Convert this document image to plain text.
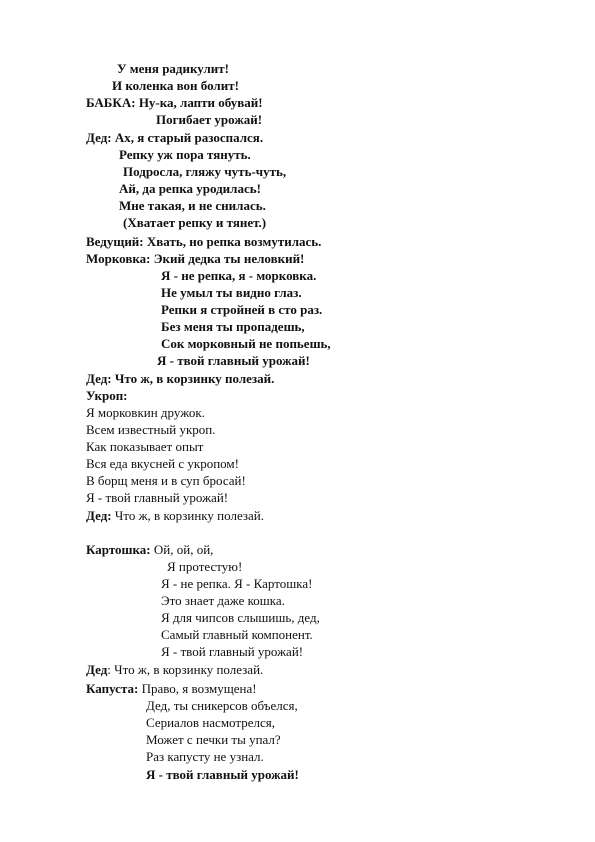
У меня радикулит!
И коленка вон болит!
БАБКА: Ну-ка, лапти обувай!
Погибает урожай!
Дед: Ах, я старый разоспался.
Репку уж пора тянуть.
Подросла, гляжу чуть-чуть,
Ай, да репка уродилась!
Мне такая, и не снилась.
(Хватает репку и тянет.)
Ведущий: Хвать, но репка возмутилась.
Морковка: Экий дедка ты неловкий!
Я - не репка, я - морковка.
Не умыл ты видно глаз.
Репки я стройней в сто раз.
Без меня ты пропадешь,
Сок морковный не попьешь,
Я - твой главный урожай!
Дед: Что ж, в корзинку полезай.
Укроп:
Я морковкин дружок.
Всем известный укроп.
Как показывает опыт
Вся еда вкусней с укропом!
В борщ меня и в суп бросай!
Я - твой главный урожай!
Дед: Что ж, в корзинку полезай.
Картошка: Ой, ой, ой,
Я протестую!
Я - не репка. Я - Картошка!
Это знает даже кошка.
Я для чипсов слышишь, дед,
Самый главный компонент.
Я - твой главный урожай!
Дед: Что ж, в корзинку полезай.
Капуста: Право, я возмущена!
Дед, ты сникерсов объелся,
Сериалов насмотрелся,
Может с печки ты упал?
Раз капусту не узнал.
Я - твой главный урожай!
